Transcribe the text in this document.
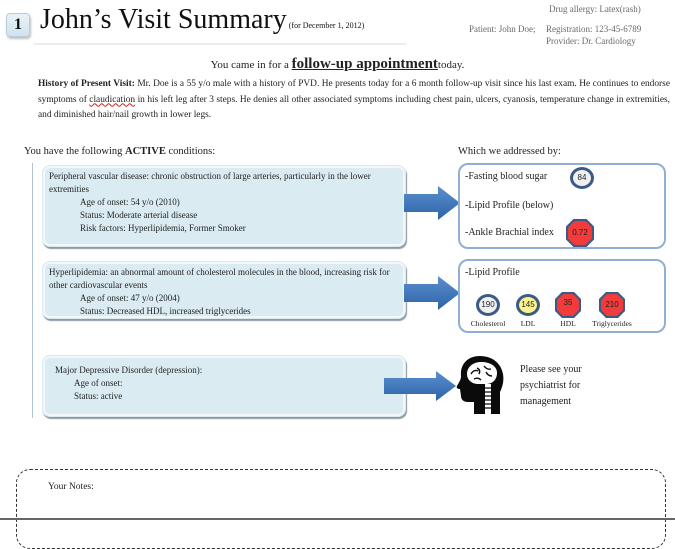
1 John’s Visit Summary (for December 1, 2012)
Drug allergy: Latex(rash)
Patient: John Doe; Registration: 123-45-6789
Provider: Dr. Cardiology
You came in for a follow-up appointmenttoday.
History of Present Visit: Mr. Doe is a 55 y/o male with a history of PVD. He presents today for a 6 month follow-up visit since his last exam. He continues to endorse symptoms of claudication in his left leg after 3 steps. He denies all other associated symptoms including chest pain, ulcers, cyanosis, temperature change in extremities, and diminished hair/nail growth in lower legs.
You have the following ACTIVE conditions:	Which we addressed by:
Peripheral vascular disease: chronic obstruction of large arteries, particularly in the lower extremities
Age of onset: 54 y/o (2010)
Status: Moderate arterial disease
Risk factors: Hyperlipidemia, Former Smoker
-Fasting blood sugar	84
-Lipid Profile (below)
-Ankle Brachial index	0.72
Hyperlipidemia: an abnormal amount of cholesterol molecules in the blood, increasing risk for other cardiovascular events
Age of onset: 47 y/o (2004)
Status: Decreased HDL, increased triglycerides
-Lipid Profile
190
Cholesterol
145
LDL
35
HDL
210
Triglycerides
Major Depressive Disorder (depression):
Age of onset:
Status: active
Please see your
psychiatrist for
management
Your Notes:
